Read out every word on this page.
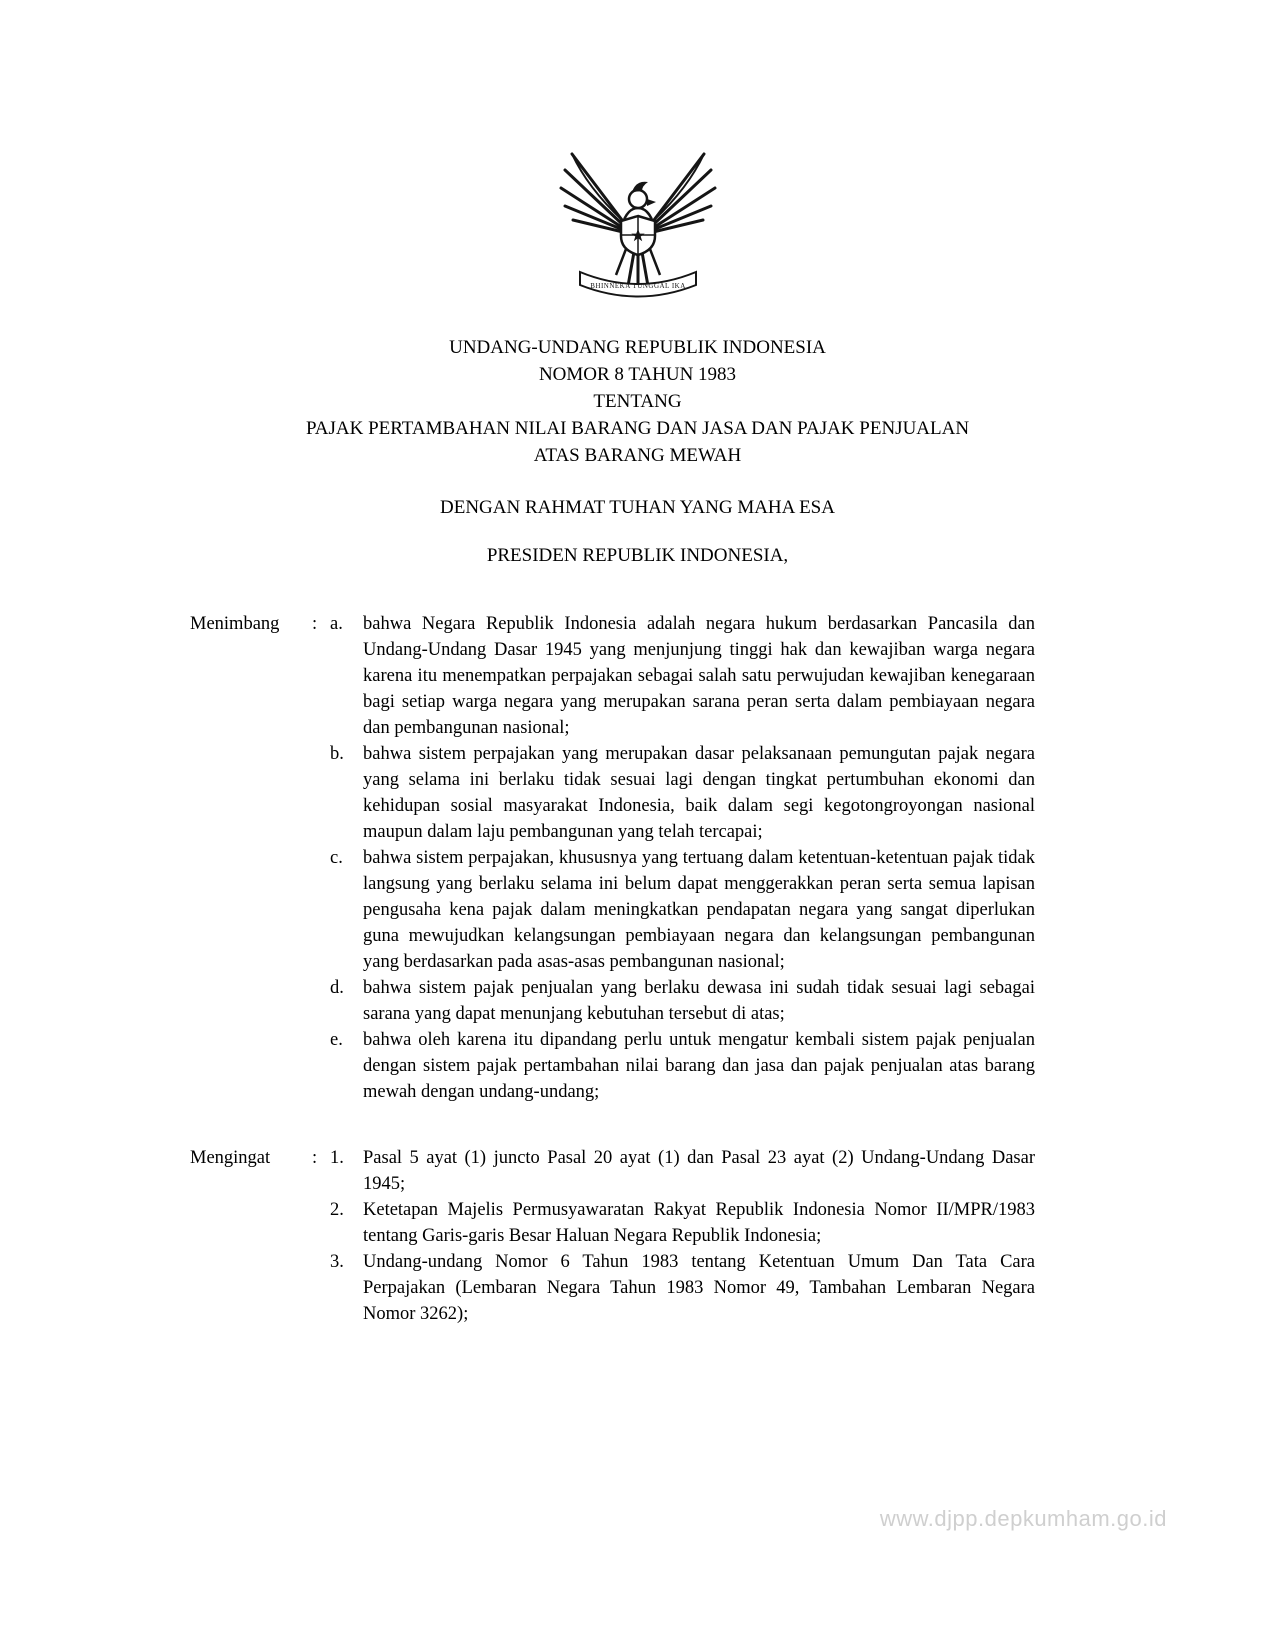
BHINNEKA TUNGGAL IKA
UNDANG-UNDANG REPUBLIK INDONESIA
NOMOR 8 TAHUN 1983
TENTANG
PAJAK PERTAMBAHAN NILAI BARANG DAN JASA DAN PAJAK PENJUALAN
ATAS BARANG MEWAH
DENGAN RAHMAT TUHAN YANG MAHA ESA
PRESIDEN REPUBLIK INDONESIA,
Menimbang	: a.	bahwa Negara Republik Indonesia adalah negara hukum berdasarkan Pancasila dan Undang-Undang Dasar 1945 yang menjunjung tinggi hak dan kewajiban warga negara karena itu menempatkan perpajakan sebagai salah satu perwujudan kewajiban kenegaraan bagi setiap warga negara yang merupakan sarana peran serta dalam pembiayaan negara dan pembangunan nasional;
b.	bahwa sistem perpajakan yang merupakan dasar pelaksanaan pemungutan pajak negara yang selama ini berlaku tidak sesuai lagi dengan tingkat pertumbuhan ekonomi dan kehidupan sosial masyarakat Indonesia, baik dalam segi kegotongroyongan nasional maupun dalam laju pembangunan yang telah tercapai;
c.	bahwa sistem perpajakan, khususnya yang tertuang dalam ketentuan-ketentuan pajak tidak langsung yang berlaku selama ini belum dapat menggerakkan peran serta semua lapisan pengusaha kena pajak dalam meningkatkan pendapatan negara yang sangat diperlukan guna mewujudkan kelangsungan pembiayaan negara dan kelangsungan pembangunan yang berdasarkan pada asas-asas pembangunan nasional;
d.	bahwa sistem pajak penjualan yang berlaku dewasa ini sudah tidak sesuai lagi sebagai sarana yang dapat menunjang kebutuhan tersebut di atas;
e.	bahwa oleh karena itu dipandang perlu untuk mengatur kembali sistem pajak penjualan dengan sistem pajak pertambahan nilai barang dan jasa dan pajak penjualan atas barang mewah dengan undang-undang;
Mengingat	: 1.	Pasal 5 ayat (1) juncto Pasal 20 ayat (1) dan Pasal 23 ayat (2) Undang-Undang Dasar 1945;
2.	Ketetapan Majelis Permusyawaratan Rakyat Republik Indonesia Nomor II/MPR/1983 tentang Garis-garis Besar Haluan Negara Republik Indonesia;
3.	Undang-undang Nomor 6 Tahun 1983 tentang Ketentuan Umum Dan Tata Cara Perpajakan (Lembaran Negara Tahun 1983 Nomor 49, Tambahan Lembaran Negara Nomor 3262);
www.djpp.depkumham.go.id
